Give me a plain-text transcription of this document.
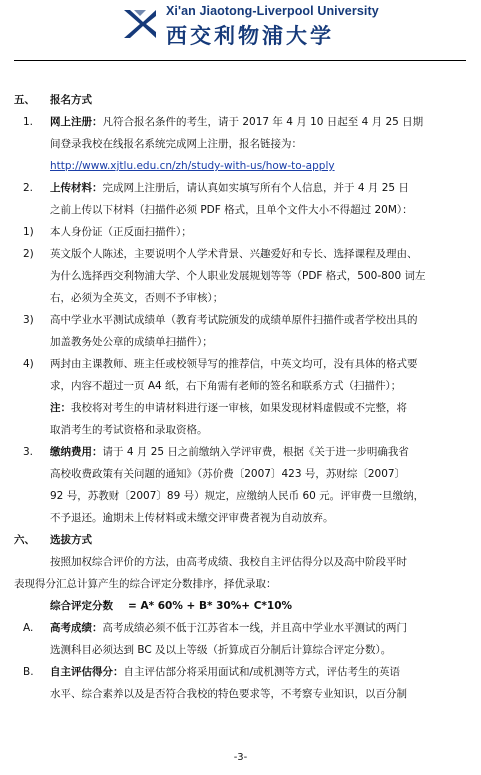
Xi'an Jiaotong-Liverpool University
西交利物浦大学
五、 报名方式
1. 网上注册：凡符合报名条件的考生，请于 2017 年 4 月 10 日起至 4 月 25 日期
间登录我校在线报名系统完成网上注册，报名链接为：
http://www.xjtlu.edu.cn/zh/study-with-us/how-to-apply
2. 上传材料：完成网上注册后，请认真如实填写所有个人信息，并于 4 月 25 日
之前上传以下材料（扫描件必须 PDF 格式，且单个文件大小不得超过 20M）：
1) 本人身份证（正反面扫描件）；
2) 英文版个人陈述，主要说明个人学术背景、兴趣爱好和专长、选择课程及理由、
为什么选择西交利物浦大学、个人职业发展规划等等（PDF 格式，500-800 词左
右，必须为全英文，否则不予审核）；
3) 高中学业水平测试成绩单（教育考试院颁发的成绩单原件扫描件或者学校出具的
加盖教务处公章的成绩单扫描件）；
4) 两封由主课教师、班主任或校领导写的推荐信，中英文均可，没有具体的格式要
求，内容不超过一页 A4 纸，右下角需有老师的签名和联系方式（扫描件）；
注：我校将对考生的申请材料进行逐一审核，如果发现材料虚假或不完整，将
取消考生的考试资格和录取资格。
3. 缴纳费用：请于 4 月 25 日之前缴纳入学评审费，根据《关于进一步明确我省
高校收费政策有关问题的通知》（苏价费〔2007〕423 号，苏财综〔2007〕
92 号，苏教财〔2007〕89 号）规定，应缴纳人民币 60 元。评审费一旦缴纳，
不予退还。逾期未上传材料或未缴交评审费者视为自动放弃。
六、 选拔方式
按照加权综合评价的方法，由高考成绩、我校自主评估得分以及高中阶段平时
表现得分汇总计算产生的综合评定分数排序，择优录取：
综合评定分数 = A* 60% + B* 30%+ C*10%
A. 高考成绩：高考成绩必须不低于江苏省本一线，并且高中学业水平测试的两门
选测科目必须达到 BC 及以上等级（折算成百分制后计算综合评定分数）。
B. 自主评估得分：自主评估部分将采用面试和/或机测等方式，评估考生的英语
水平、综合素养以及是否符合我校的特色要求等，不考察专业知识，以百分制
-3-
